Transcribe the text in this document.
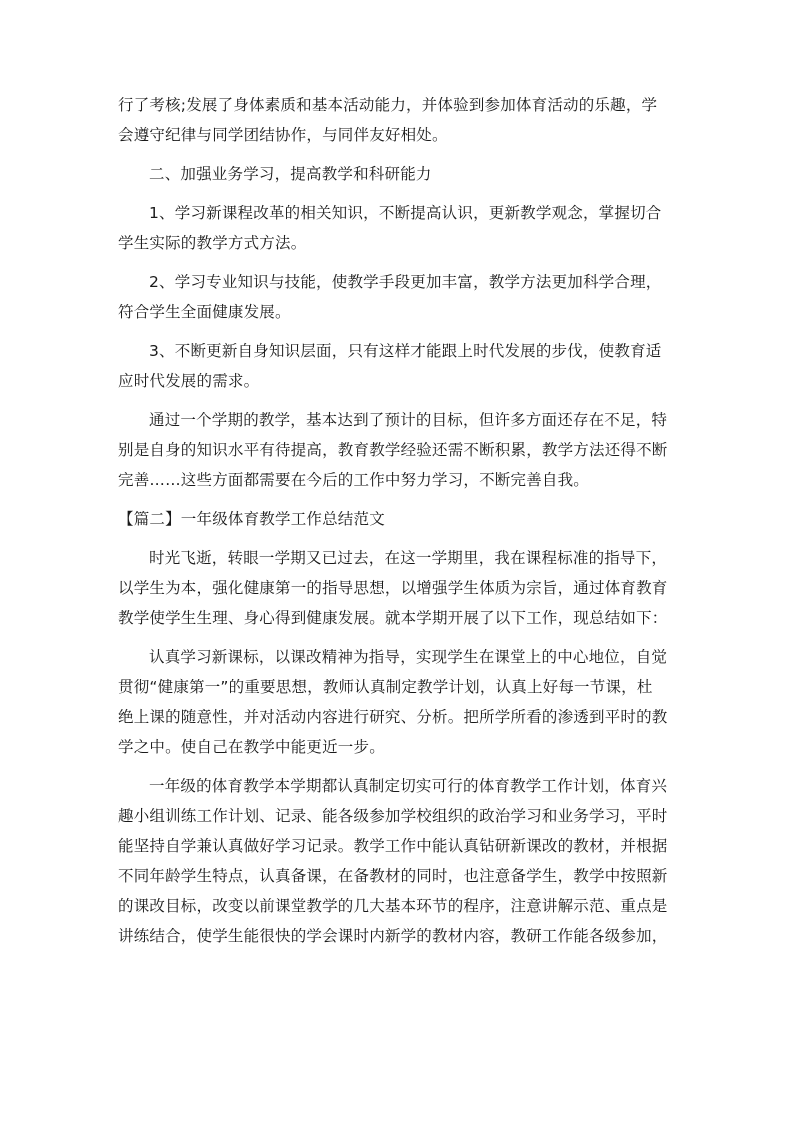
行了考核;发展了身体素质和基本活动能力，并体验到参加体育活动的乐趣，学
会遵守纪律与同学团结协作，与同伴友好相处。
二、加强业务学习，提高教学和科研能力
1、学习新课程改革的相关知识，不断提高认识，更新教学观念，掌握切合
学生实际的教学方式方法。
2、学习专业知识与技能，使教学手段更加丰富，教学方法更加科学合理，
符合学生全面健康发展。
3、不断更新自身知识层面，只有这样才能跟上时代发展的步伐，使教育适
应时代发展的需求。
通过一个学期的教学，基本达到了预计的目标，但许多方面还存在不足，特
别是自身的知识水平有待提高，教育教学经验还需不断积累，教学方法还得不断
完善……这些方面都需要在今后的工作中努力学习，不断完善自我。
【篇二】一年级体育教学工作总结范文
时光飞逝，转眼一学期又已过去，在这一学期里，我在课程标准的指导下，
以学生为本，强化健康第一的指导思想，以增强学生体质为宗旨，通过体育教育
教学使学生生理、身心得到健康发展。就本学期开展了以下工作，现总结如下：
认真学习新课标，以课改精神为指导，实现学生在课堂上的中心地位，自觉
贯彻“健康第一”的重要思想，教师认真制定教学计划，认真上好每一节课，杜
绝上课的随意性，并对活动内容进行研究、分析。把所学所看的渗透到平时的教
学之中。使自己在教学中能更近一步。
一年级的体育教学本学期都认真制定切实可行的体育教学工作计划，体育兴
趣小组训练工作计划、记录、能各级参加学校组织的政治学习和业务学习，平时
能坚持自学兼认真做好学习记录。教学工作中能认真钻研新课改的教材，并根据
不同年龄学生特点，认真备课，在备教材的同时，也注意备学生，教学中按照新
的课改目标，改变以前课堂教学的几大基本环节的程序，注意讲解示范、重点是
讲练结合，使学生能很快的学会课时内新学的教材内容，教研工作能各级参加，
